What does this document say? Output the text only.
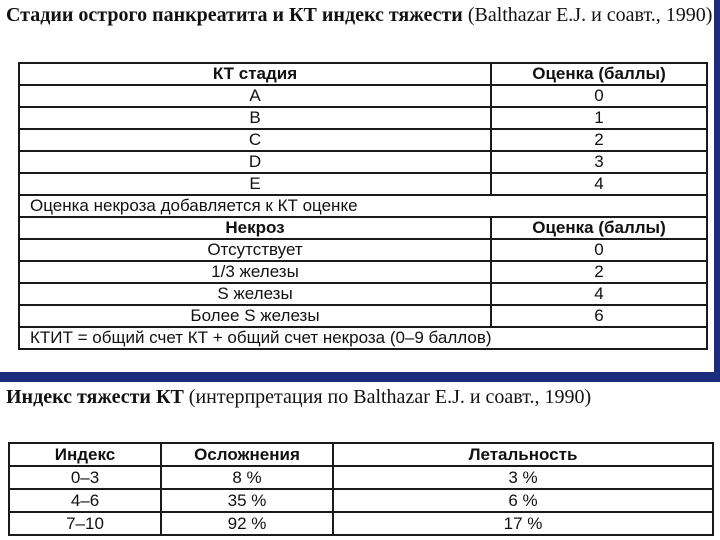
Стадии острого панкреатита и КТ индекс тяжести (Balthazar E.J. и соавт., 1990)
КТ стадия	Оценка (баллы)
A	0
B	1
C	2
D	3
E	4
Оценка некроза добавляется к КТ оценке	
Некроз	Оценка (баллы)
Отсутствует	0
1/3 железы	2
S железы	4
Более S железы	6
КТИТ = общий счет КТ + общий счет некроза (0–9 баллов)	
Индекс тяжести КТ (интерпретация по Balthazar E.J. и соавт., 1990)
Индекс	Осложнения	Летальность
0–3	8 %	3 %
4–6	35 %	6 %
7–10	92 %	17 %
